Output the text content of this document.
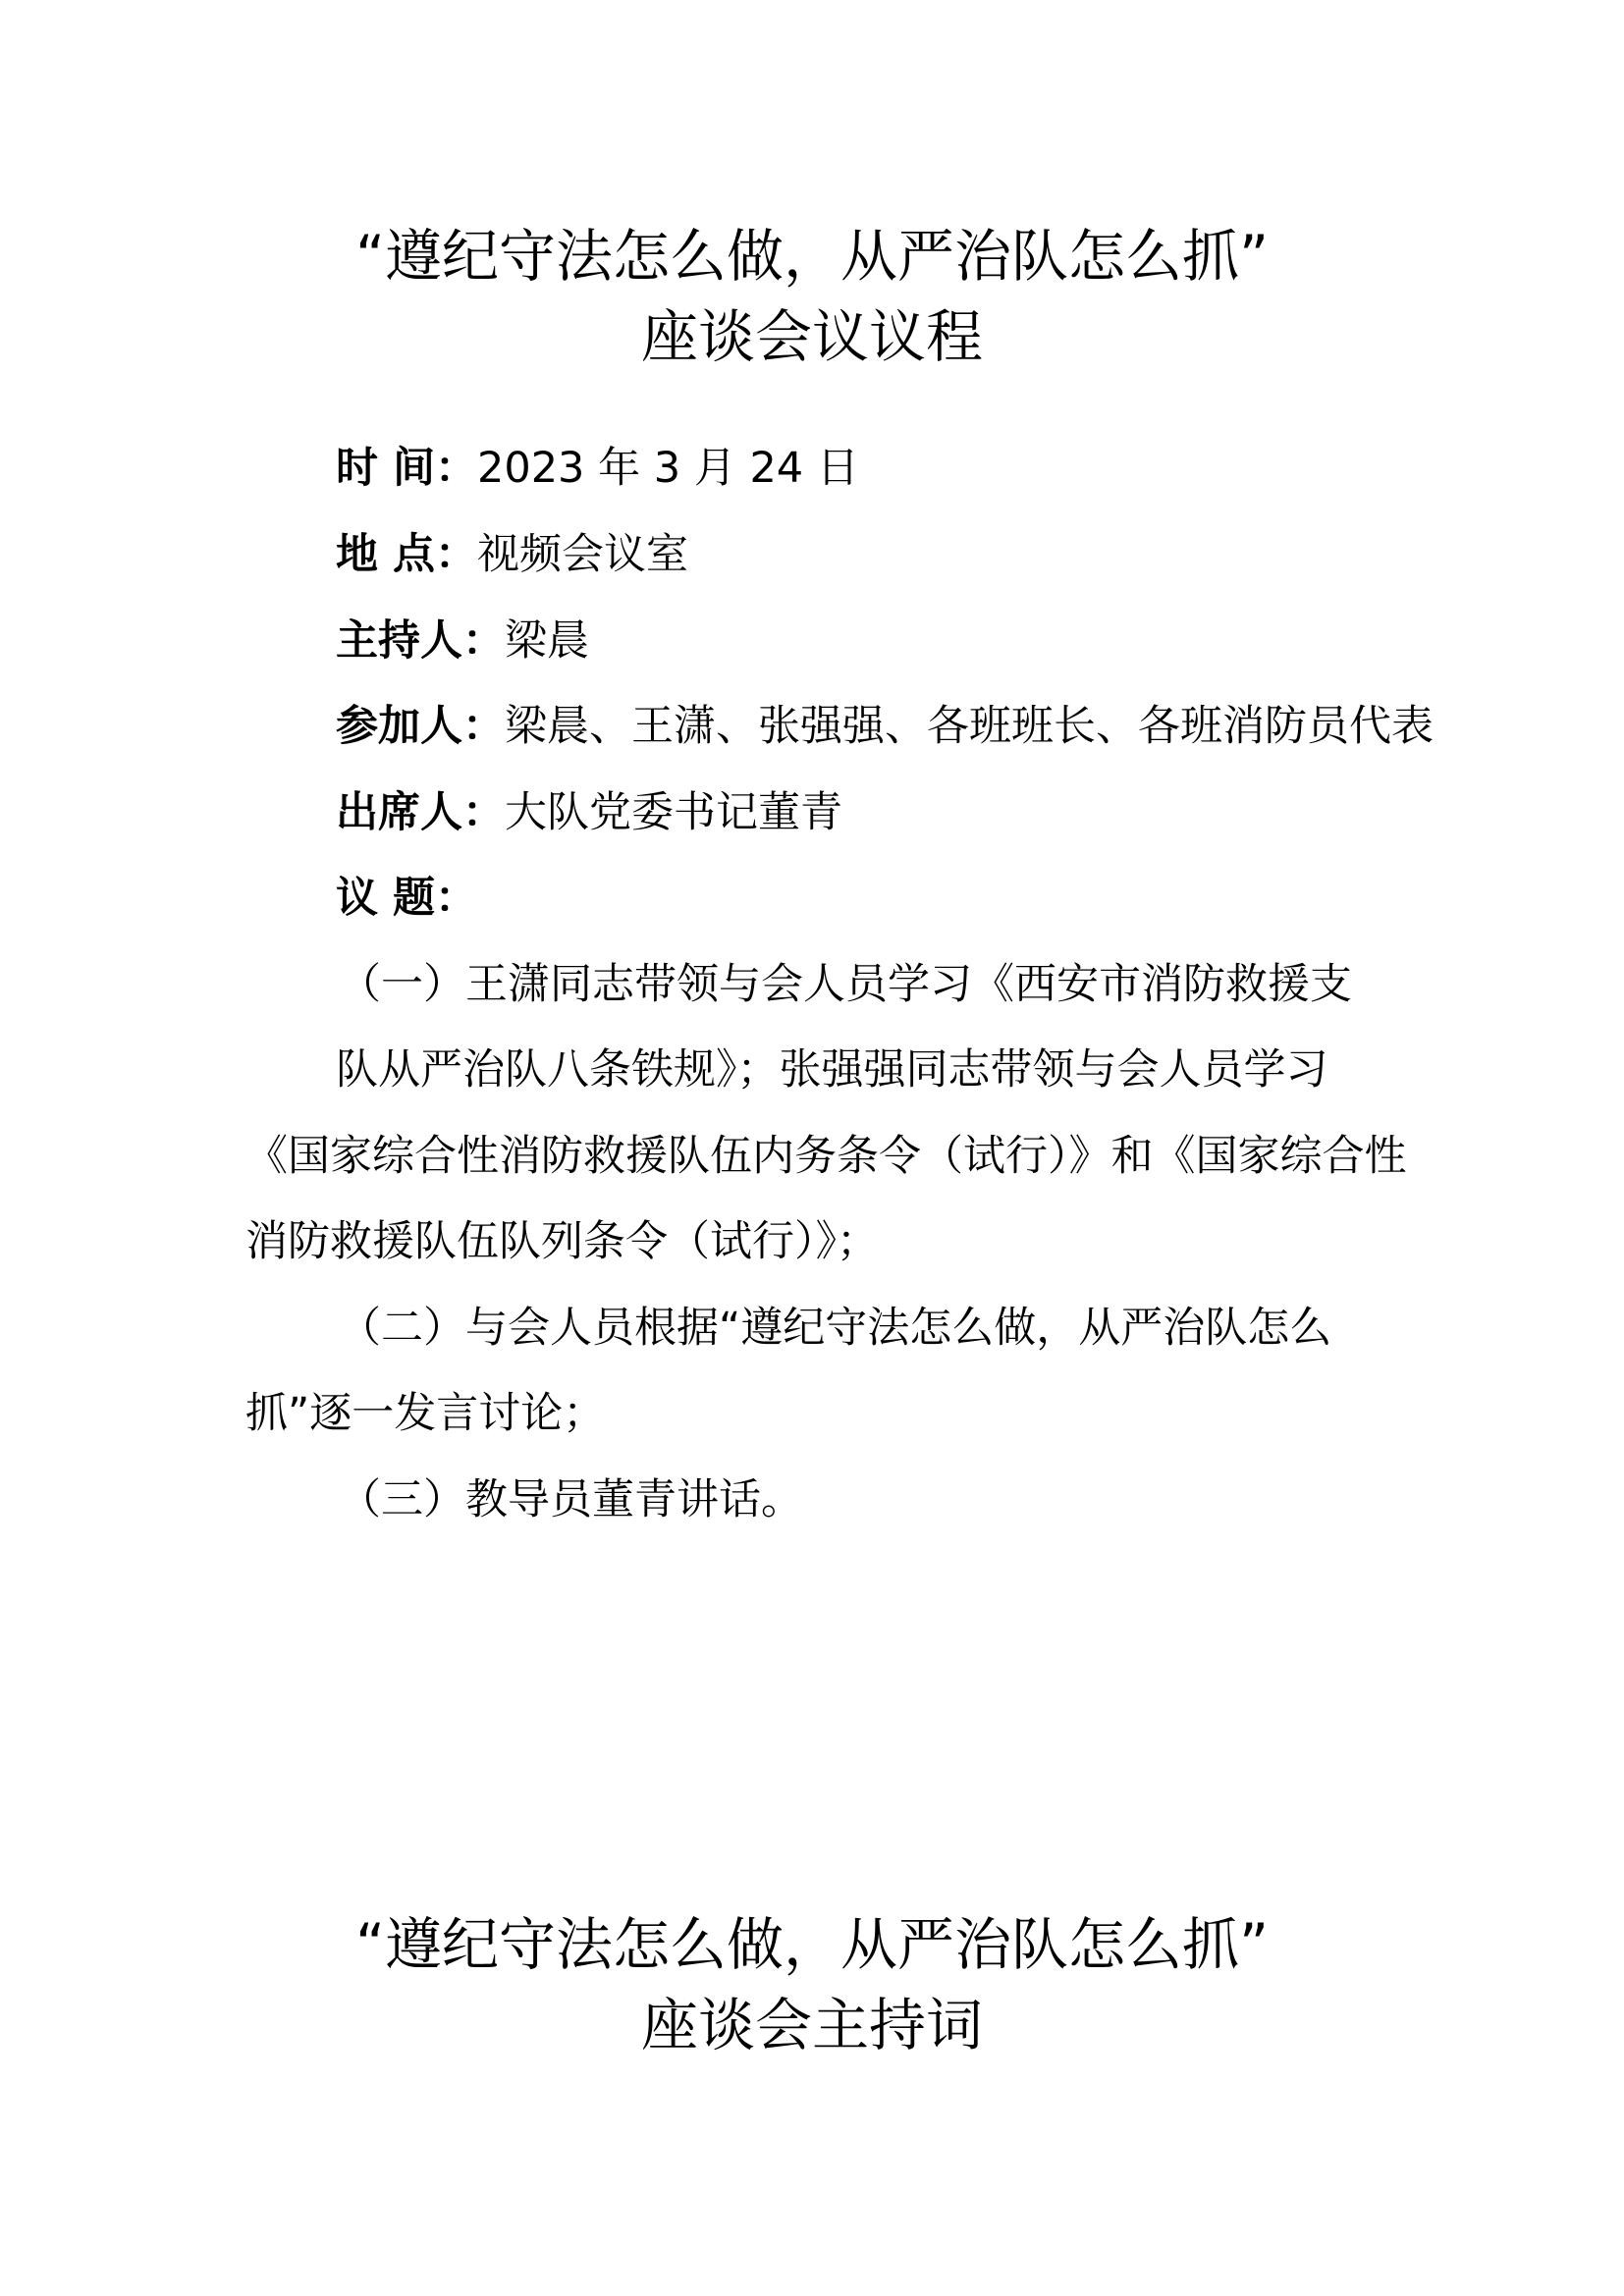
“遵纪守法怎么做，从严治队怎么抓”
座谈会议议程
时 间：2023 年 3 月 24 日
地 点：视频会议室
主持人：梁晨
参加人：梁晨、王潇、张强强、各班班长、各班消防员代表
出席人：大队党委书记董青
议 题：
（一）王潇同志带领与会人员学习《西安市消防救援支
队从严治队八条铁规》；张强强同志带领与会人员学习
《国家综合性消防救援队伍内务条令（试行）》和《国家综合性
消防救援队伍队列条令（试行）》；
（二）与会人员根据“遵纪守法怎么做，从严治队怎么
抓”逐一发言讨论；
（三）教导员董青讲话。
“遵纪守法怎么做，从严治队怎么抓”
座谈会主持词
